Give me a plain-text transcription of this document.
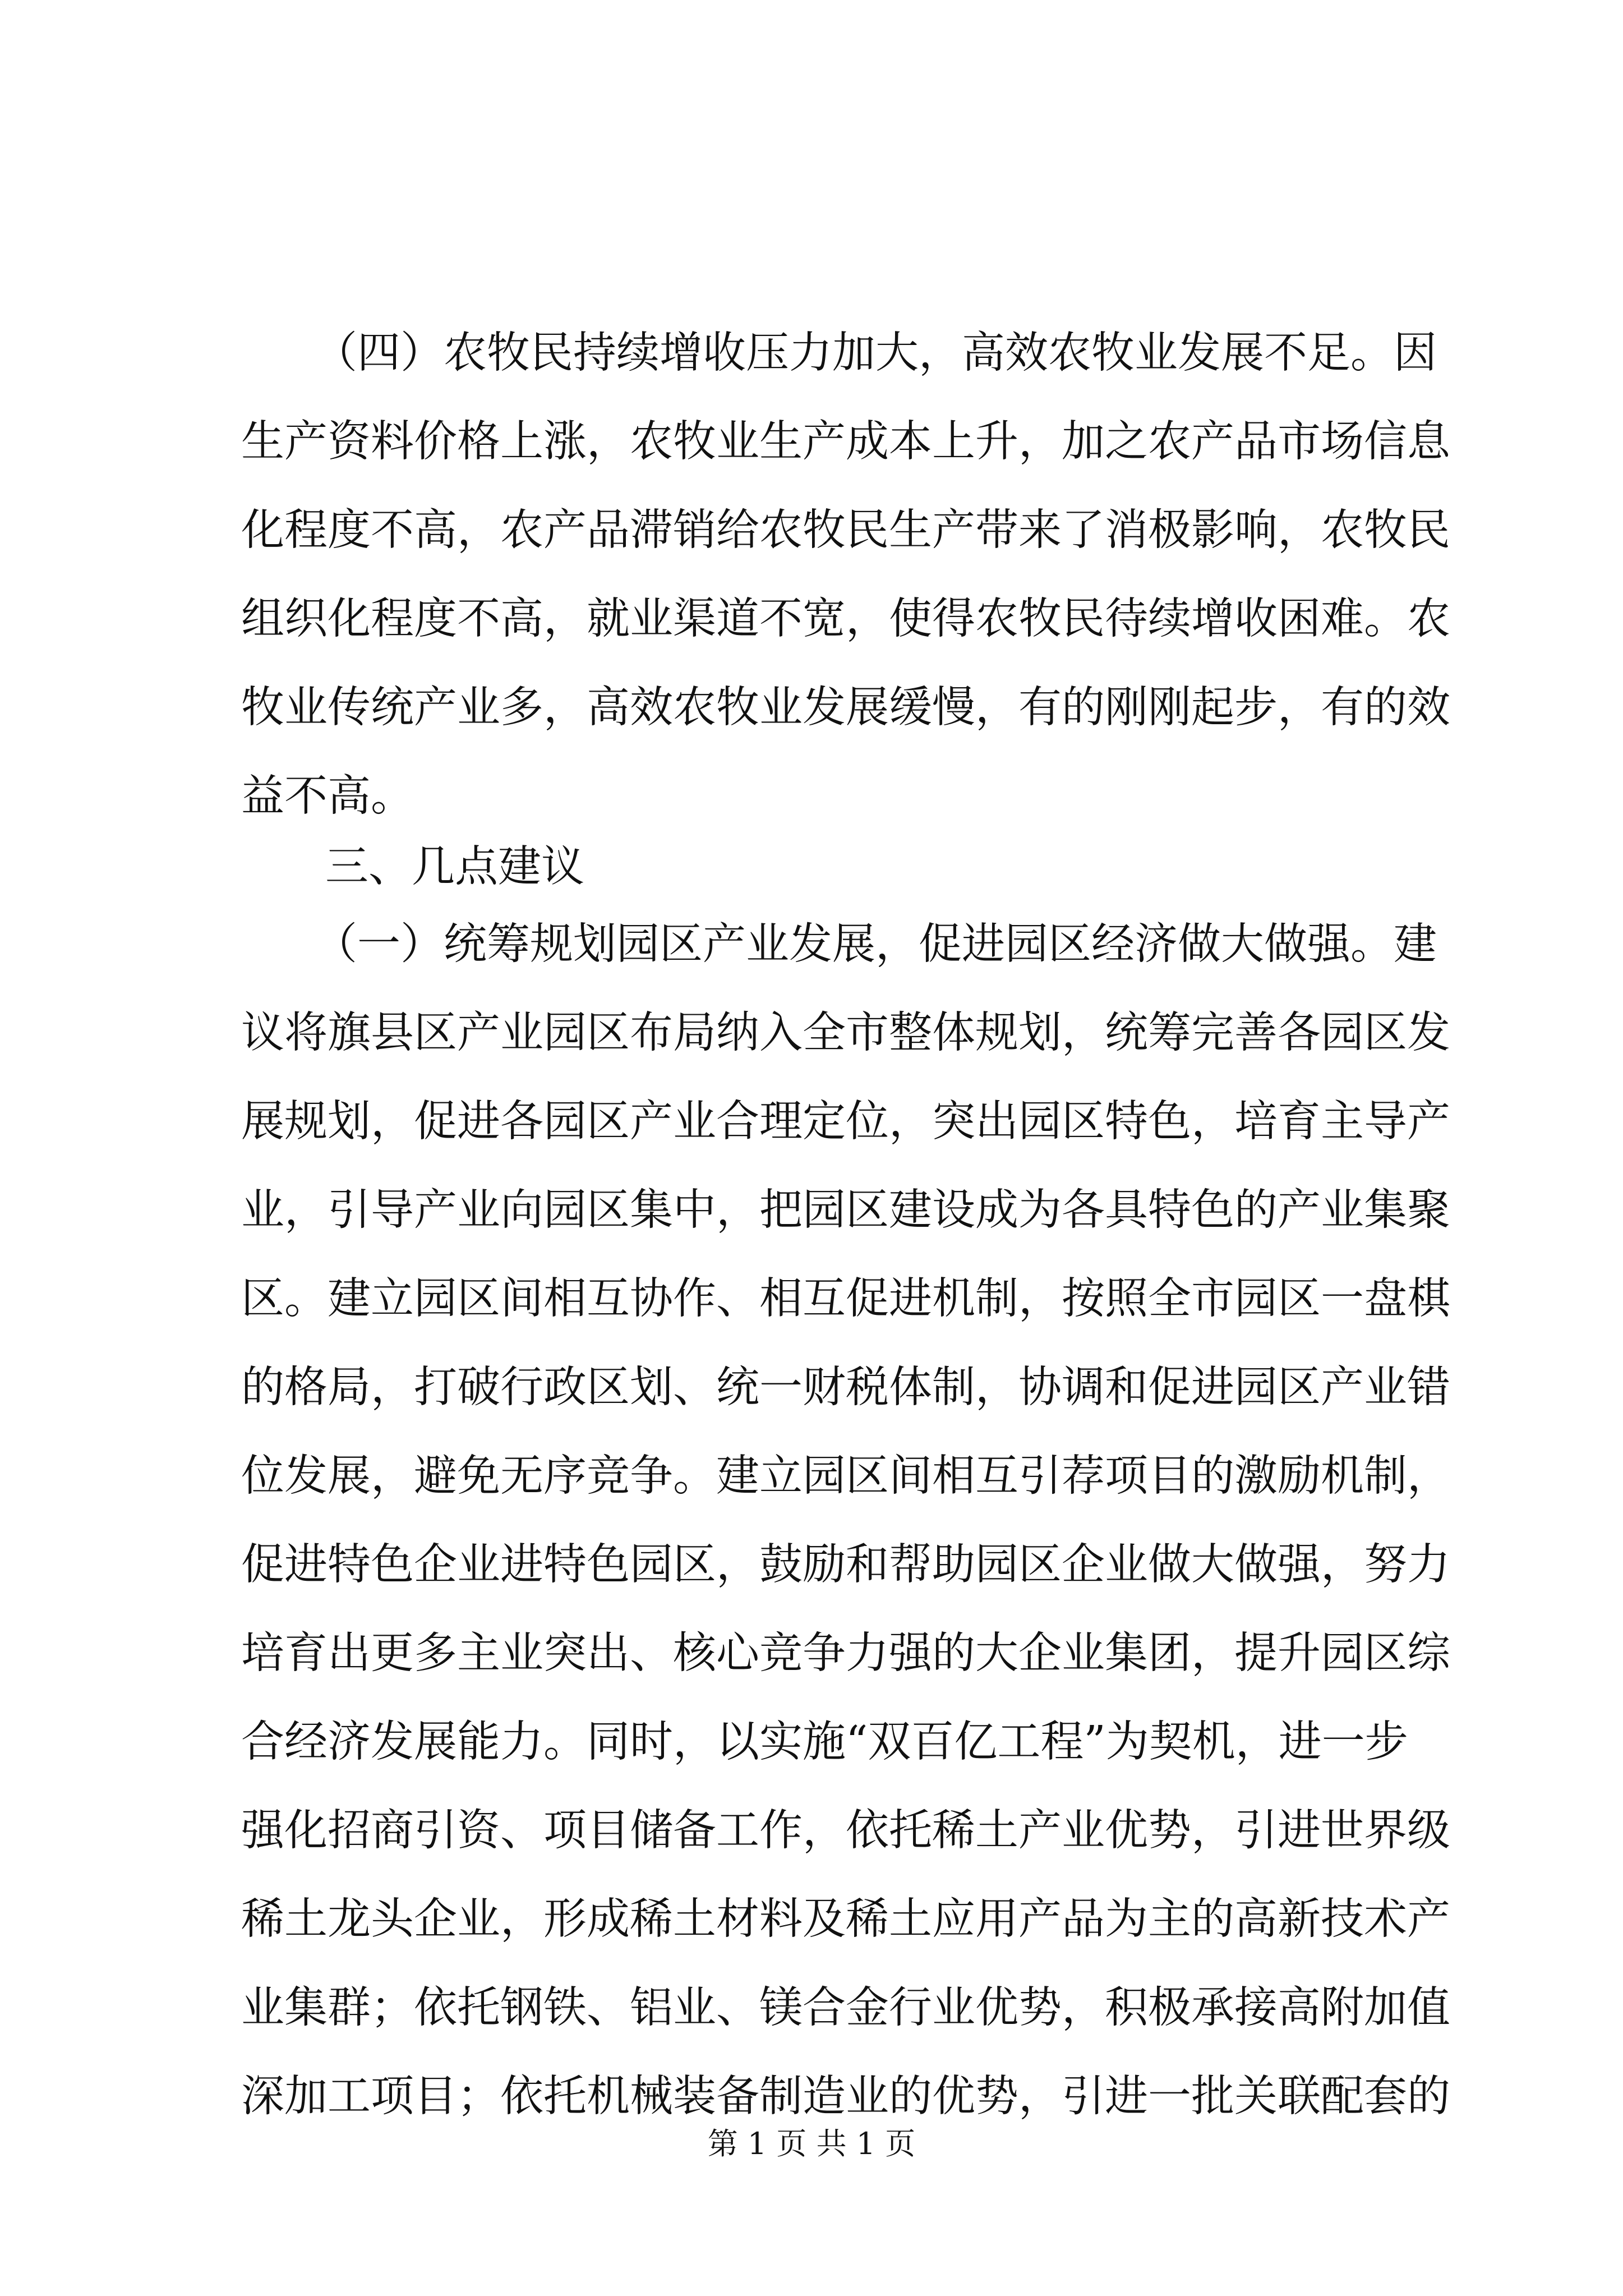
（四）农牧民持续增收压力加大，高效农牧业发展不足。因
生产资料价格上涨，农牧业生产成本上升，加之农产品市场信息
化程度不高，农产品滞销给农牧民生产带来了消极影响，农牧民
组织化程度不高，就业渠道不宽，使得农牧民待续增收困难。农
牧业传统产业多，高效农牧业发展缓慢，有的刚刚起步，有的效
益不高。
三、几点建议
（一）统筹规划园区产业发展，促进园区经济做大做强。建
议将旗县区产业园区布局纳入全市整体规划，统筹完善各园区发
展规划，促进各园区产业合理定位，突出园区特色，培育主导产
业，引导产业向园区集中，把园区建设成为各具特色的产业集聚
区。建立园区间相互协作、相互促进机制，按照全市园区一盘棋
的格局，打破行政区划、统一财税体制，协调和促进园区产业错
位发展，避免无序竞争。建立园区间相互引荐项目的激励机制，
促进特色企业进特色园区，鼓励和帮助园区企业做大做强，努力
培育出更多主业突出、核心竞争力强的大企业集团，提升园区综
合经济发展能力。同时，以实施“双百亿工程”为契机，进一步
强化招商引资、项目储备工作，依托稀土产业优势，引进世界级
稀土龙头企业，形成稀土材料及稀土应用产品为主的高新技术产
业集群；依托钢铁、铝业、镁合金行业优势，积极承接高附加值
深加工项目；依托机械装备制造业的优势，引进一批关联配套的
第 1 页 共 1 页
